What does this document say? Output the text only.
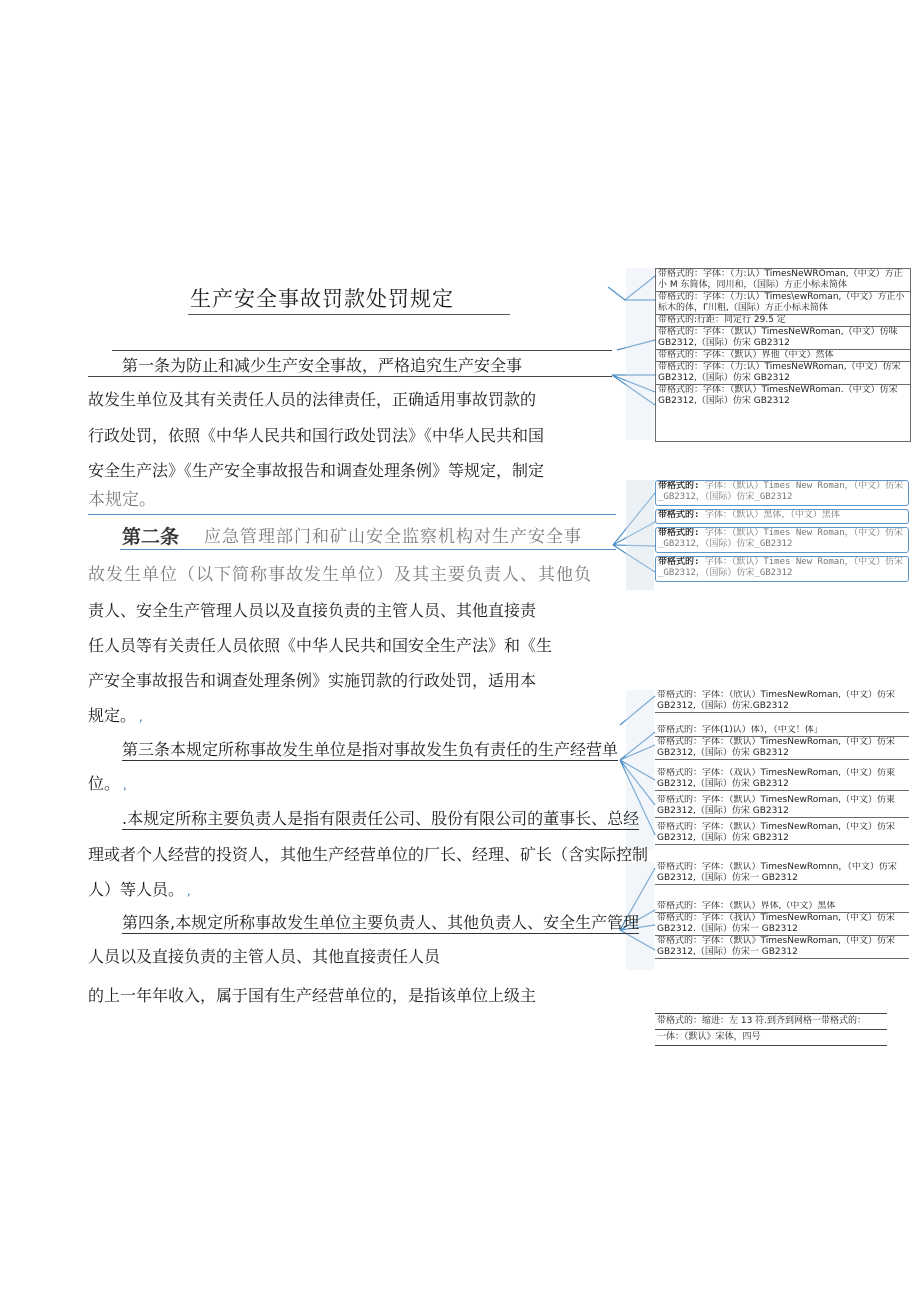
生产安全事故罚款处罚规定
第一条为防止和减少生产安全事故，严格追究生产安全事
故发生单位及其有关责任人员的法律责任，正确适用事故罚款的
行政处罚，依照《中华人民共和国行政处罚法》《中华人民共和国
安全生产法》《生产安全事故报告和调查处理条例》等规定，制定
本规定。
第二条 应急管理部门和矿山安全监察机构对生产安全事
故发生单位（以下简称事故发生单位）及其主要负责人、其他负
责人、安全生产管理人员以及直接负责的主管人员、其他直接责
任人员等有关责任人员依照《中华人民共和国安全生产法》和《生
产安全事故报告和调查处理条例》实施罚款的行政处罚，适用本
规定。 ,
第三条本规定所称事故发生单位是指对事故发生负有责任的生产经营单
位。 ,
.本规定所称主要负责人是指有限责任公司、股份有限公司的董事长、总经
理或者个人经营的投资人，其他生产经营单位的厂长、经理、矿长（含实际控制
人）等人员。 ,
第四条,本规定所称事故发生单位主要负责人、其他负责人、安全生产管理
人员以及直接负责的主管人员、其他直接责任人员
的上一年年收入，属于国有生产经营单位的，是指该单位上级主
带格式的：字体：（力:认）TimesNeWROman,（中文）方正小 M 东简体，同川和，（国际）方正小标未简体
带格式的：字体：（力:认）Times\ewRoman,（中文）方正小标木的体，Γ川粗,（国际）方正小标未简体
带格式的:行距：同定行 29.5 定
带格式的：字体：（默认）TimesNeWRoman,（中文）仿味 GB2312,（国际）仿宋 GB2312
带格式的：字体：（默认）界他（中文）然体
带格式的：字体：（力:认）TimesNeWRoman,（中文）仿宋 GB2312,（国际）仿宋 GB2312
带格式的：字体：（默认）TimesNeWRoman.（中文）仿宋 GB2312,（国际）仿宋 GB2312
带格式的: 字体：（默认）Times New Roman，（中文）仿宋_GB2312，（国际）仿宋_GB2312
带格式的: 字体：（默认）黑体，（中文）黑体
带格式的: 字体：（默认）Times New Roman，（中文）仿宋_GB2312，（国际）仿宋_GB2312
带格式的: 字体：（默认）Times New Roman，（中文）仿宋_GB2312，（国际）仿宋_GB2312
带格式的：字体：（欣认）TimesNewRoman,（中文）仿宋 GB2312,（国际）仿宋.GB2312
带格式的：字体(1)认）体），（中文！体」
带格式的：字体：（默认）TimesNewRoman,（中文）仿宋 GB2312,（国际）仿宋 GB2312
带格式的：字体：（戏认）TimesNewRoman,（中文）仿東 GB2312,（国际）仿宋 GB2312
带格式的：字体：（默认）TimesNewRoman,（中文）仿東 GB2312,（国际）仿宋 GB2312
带格式的：字体：（默认）TimesNewRoman,（中文）仿宋 GB2312,（国际）仿宋 GB2312
带格式的：字体：（默认）TimesNewRomnn，（中文）仿宋 GB2312,（国际）仿宋一 GB2312
带格式的：字体：（默认）界体,（中文）黑体
带格式的：字体：（我认）TimesNewRoman,（中文）仿宋 GB2312.（国际）仿宋一 GB2312
带格式的：字体：（默认》TimesNewRoman,（中文）仿宋 GB2312,（国际）仿宋一 GB2312
带格式的：缩进：左 13 符.到齐到网格一带格式的：
一体：（默认》宋体，四号
